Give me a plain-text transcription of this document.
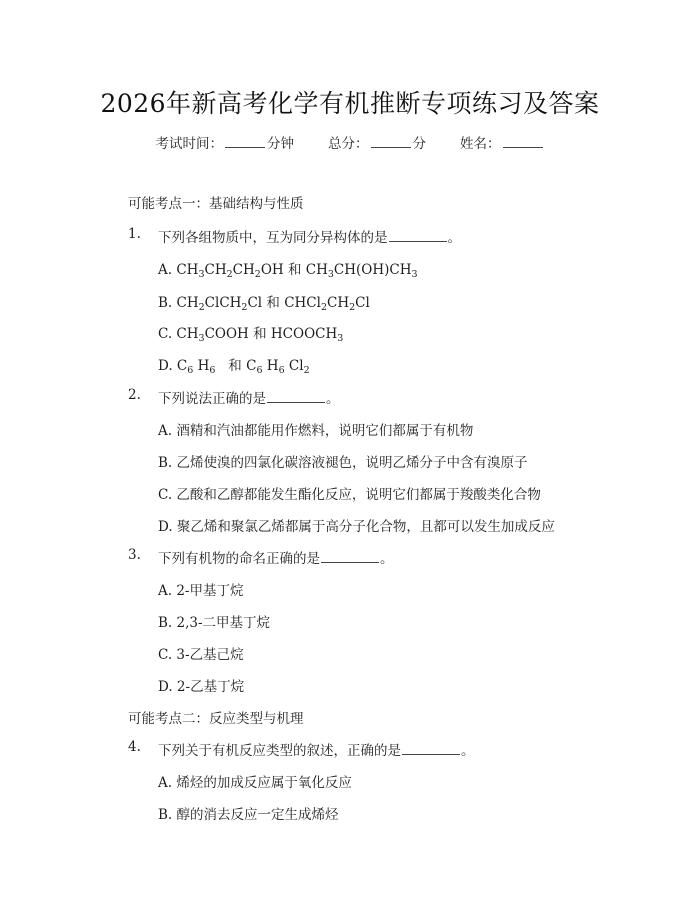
2026年新高考化学有机推断专项练习及答案
考试时间：	分钟	总分：	分	姓名：
可能考点一：基础结构与性质
1. 下列各组物质中，互为同分异构体的是	。
A. $CH_3CH_2CH_2OH$ 和 $CH_3CH(OH)CH_3$
B. $CH_2ClCH_2Cl$ 和 $CHCl_2CH_2Cl$
C. $CH_3COOH$ 和 $HCOOCH_3$
D. $C_6$ $H_6$   和 $C_6$ $H_6$ $Cl_2$
2. 下列说法正确的是	。
A. 酒精和汽油都能用作燃料，说明它们都属于有机物
B. 乙烯使溴的四氯化碳溶液褪色，说明乙烯分子中含有溴原子
C. 乙酸和乙醇都能发生酯化反应，说明它们都属于羧酸类化合物
D. 聚乙烯和聚氯乙烯都属于高分子化合物，且都可以发生加成反应
3. 下列有机物的命名正确的是	。
A. 2-甲基丁烷
B. 2,3-二甲基丁烷
C. 3-乙基己烷
D. 2-乙基丁烷
可能考点二：反应类型与机理
4. 下列关于有机反应类型的叙述，正确的是	。
A. 烯烃的加成反应属于氧化反应
B. 醇的消去反应一定生成烯烃
